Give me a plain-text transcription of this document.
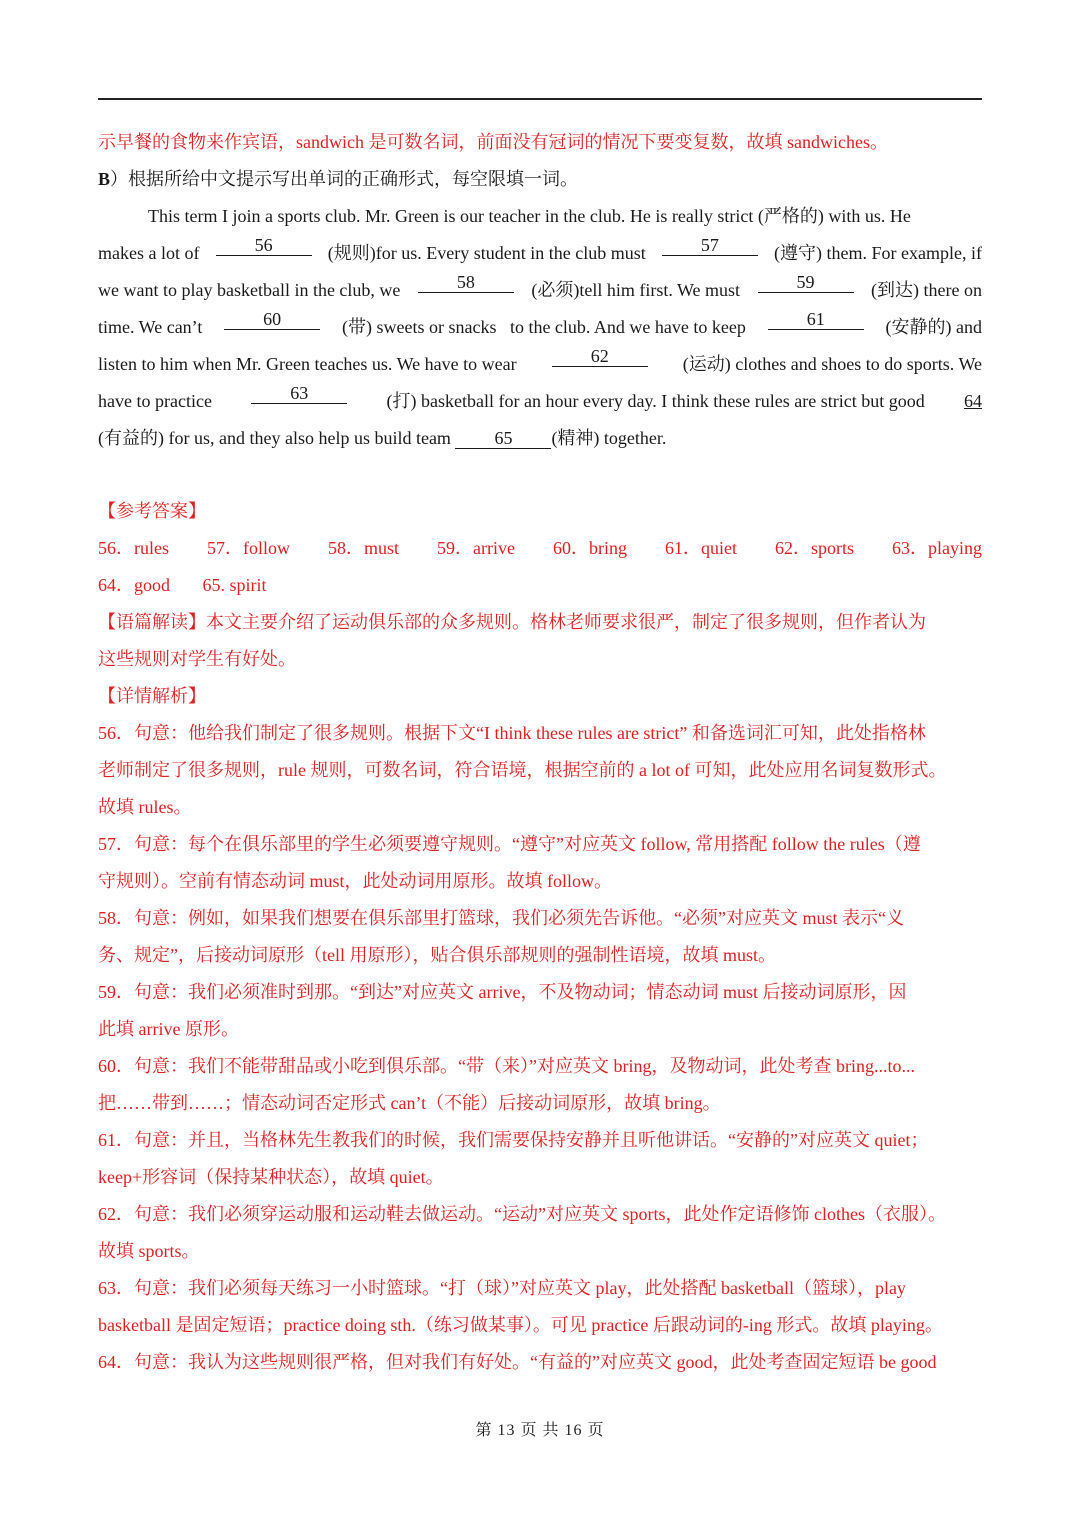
示早餐的食物来作宾语，sandwich 是可数名词，前面没有冠词的情况下要变复数，故填 sandwiches。
B）根据所给中文提示写出单词的正确形式，每空限填一词。
This term I join a sports club. Mr. Green is our teacher in the club. He is really strict (严格的) with us. He
makes a lot of	56	(规则)for us. Every student in the club must	57	(遵守) them. For example, if
we want to play basketball in the club, we	58	(必须)tell him first. We must	59	(到达) there on
time. We can’t	60	(带) sweets or snacks   to the club. And we have to keep	61	(安静的) and
listen to him when Mr. Green teaches us. We have to wear	62	(运动) clothes and shoes to do sports. We
have to practice	63	(打) basketball for an hour every day. I think these rules are strict but good 64
(有益的) for us, and they also help us build team 65 (精神) together.
【参考答案】
56．rules 57．follow 58．must 59．arrive 60．bring 61．quiet 62．sports 63．playing
64．good 65. spirit
【语篇解读】本文主要介绍了运动俱乐部的众多规则。格林老师要求很严，制定了很多规则，但作者认为
这些规则对学生有好处。
【详情解析】
56．句意：他给我们制定了很多规则。根据下文“I think these rules are strict” 和备选词汇可知，此处指格林
老师制定了很多规则，rule 规则，可数名词，符合语境，根据空前的 a lot of 可知，此处应用名词复数形式。
故填 rules。
57．句意：每个在俱乐部里的学生必须要遵守规则。“遵守”对应英文 follow, 常用搭配 follow the rules（遵
守规则）。空前有情态动词 must，此处动词用原形。故填 follow。
58．句意：例如，如果我们想要在俱乐部里打篮球，我们必须先告诉他。“必须”对应英文 must 表示“义
务、规定”，后接动词原形（tell 用原形），贴合俱乐部规则的强制性语境，故填 must。
59．句意：我们必须准时到那。“到达”对应英文 arrive，不及物动词；情态动词 must 后接动词原形，因
此填 arrive 原形。
60．句意：我们不能带甜品或小吃到俱乐部。“带（来）”对应英文 bring，及物动词，此处考查 bring...to...
把……带到……；情态动词否定形式 can’t（不能）后接动词原形，故填 bring。
61．句意：并且，当格林先生教我们的时候，我们需要保持安静并且听他讲话。“安静的”对应英文 quiet；
keep+形容词（保持某种状态），故填 quiet。
62．句意：我们必须穿运动服和运动鞋去做运动。“运动”对应英文 sports，此处作定语修饰 clothes（衣服）。
故填 sports。
63．句意：我们必须每天练习一小时篮球。“打（球）”对应英文 play，此处搭配 basketball（篮球），play
basketball 是固定短语；practice doing sth.（练习做某事）。可见 practice 后跟动词的-ing 形式。故填 playing。
64．句意：我认为这些规则很严格，但对我们有好处。“有益的”对应英文 good，此处考查固定短语 be good
第 13 页 共 16 页
